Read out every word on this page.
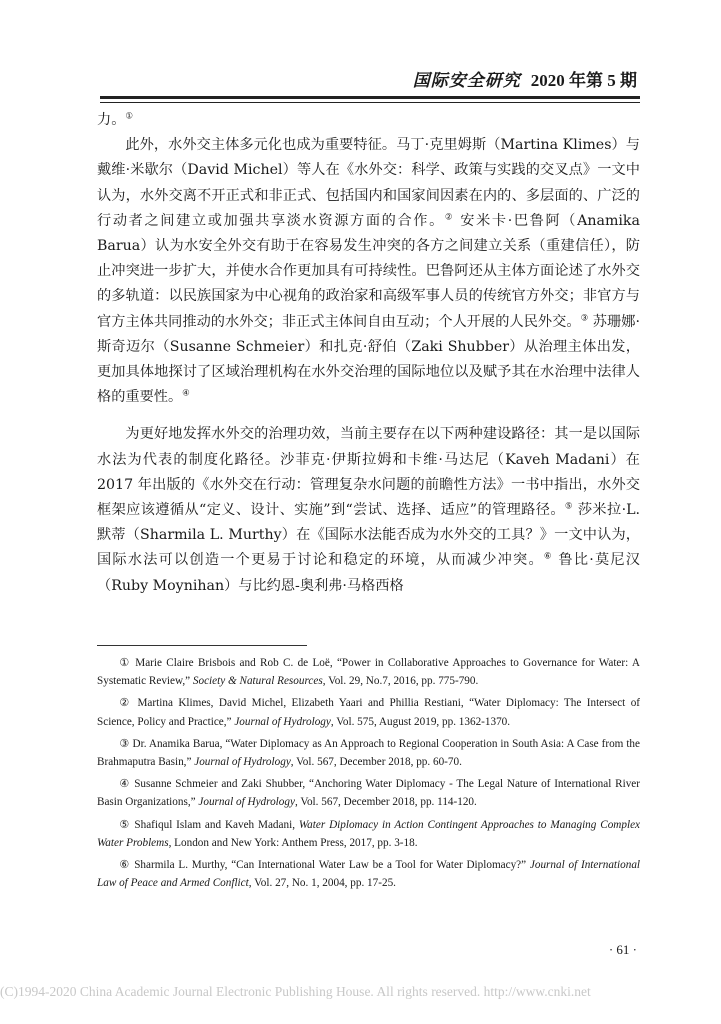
国际安全研究 2020 年第 5 期

力。①

此外，水外交主体多元化也成为重要特征。马丁·克里姆斯（Martina Klimes）与戴维·米歇尔（David Michel）等人在《水外交：科学、政策与实践的交叉点》一文中认为，水外交离不开正式和非正式、包括国内和国家间因素在内的、多层面的、广泛的行动者之间建立或加强共享淡水资源方面的合作。② 安米卡·巴鲁阿（Anamika Barua）认为水安全外交有助于在容易发生冲突的各方之间建立关系（重建信任），防止冲突进一步扩大，并使水合作更加具有可持续性。巴鲁阿还从主体方面论述了水外交的多轨道：以民族国家为中心视角的政治家和高级军事人员的传统官方外交；非官方与官方主体共同推动的水外交；非正式主体间自由互动；个人开展的人民外交。③ 苏珊娜·斯奇迈尔（Susanne Schmeier）和扎克·舒伯（Zaki Shubber）从治理主体出发，更加具体地探讨了区域治理机构在水外交治理的国际地位以及赋予其在水治理中法律人格的重要性。④

为更好地发挥水外交的治理功效，当前主要存在以下两种建设路径：其一是以国际水法为代表的制度化路径。沙菲克·伊斯拉姆和卡维·马达尼（Kaveh Madani）在 2017 年出版的《水外交在行动：管理复杂水问题的前瞻性方法》一书中指出，水外交框架应该遵循从“定义、设计、实施”到“尝试、选择、适应”的管理路径。⑤ 莎米拉·L. 默蒂（Sharmila L. Murthy）在《国际水法能否成为水外交的工具？》一文中认为，国际水法可以创造一个更易于讨论和稳定的环境，从而减少冲突。⑥ 鲁比·莫尼汉（Ruby Moynihan）与比约恩-奥利弗·马格西格

① Marie Claire Brisbois and Rob C. de Loë, “Power in Collaborative Approaches to Governance for Water: A Systematic Review,” Society & Natural Resources, Vol. 29, No.7, 2016, pp. 775-790.

② Martina Klimes, David Michel, Elizabeth Yaari and Phillia Restiani, “Water Diplomacy: The Intersect of Science, Policy and Practice,” Journal of Hydrology, Vol. 575, August 2019, pp. 1362-1370.

③ Dr. Anamika Barua, “Water Diplomacy as An Approach to Regional Cooperation in South Asia: A Case from the Brahmaputra Basin,” Journal of Hydrology, Vol. 567, December 2018, pp. 60-70.

④ Susanne Schmeier and Zaki Shubber, “Anchoring Water Diplomacy - The Legal Nature of International River Basin Organizations,” Journal of Hydrology, Vol. 567, December 2018, pp. 114-120.

⑤ Shafiqul Islam and Kaveh Madani, Water Diplomacy in Action Contingent Approaches to Managing Complex Water Problems, London and New York: Anthem Press, 2017, pp. 3-18.

⑥ Sharmila L. Murthy, “Can International Water Law be a Tool for Water Diplomacy?” Journal of International Law of Peace and Armed Conflict, Vol. 27, No. 1, 2004, pp. 17-25.

· 61 ·
(C)1994-2020 China Academic Journal Electronic Publishing House. All rights reserved. http://www.cnki.net
